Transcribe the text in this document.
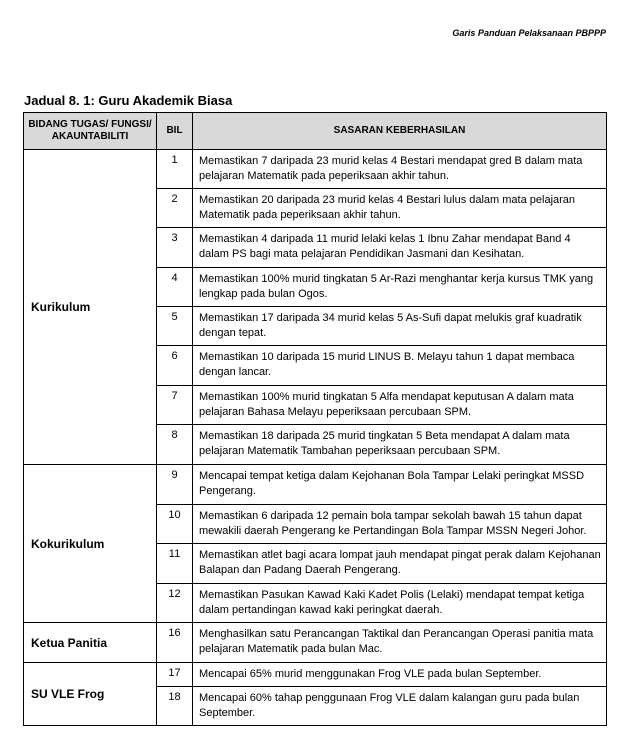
Garis Panduan Pelaksanaan PBPPP
Jadual 8. 1: Guru Akademik Biasa
BIDANG TUGAS/ FUNGSI/ AKAUNTABILITI	BIL	SASARAN KEBERHASILAN
Kurikulum	1	Memastikan 7 daripada 23 murid kelas 4 Bestari mendapat gred B dalam mata pelajaran Matematik pada peperiksaan akhir tahun.
	2	Memastikan 20 daripada 23 murid kelas 4 Bestari lulus dalam mata pelajaran Matematik pada peperiksaan akhir tahun.
	3	Memastikan 4 daripada 11 murid lelaki kelas 1 Ibnu Zahar mendapat Band 4 dalam PS bagi mata pelajaran Pendidikan Jasmani dan Kesihatan.
	4	Memastikan 100% murid tingkatan 5 Ar-Razi menghantar kerja kursus TMK yang lengkap pada bulan Ogos.
	5	Memastikan 17 daripada 34 murid kelas 5 As-Sufi dapat melukis graf kuadratik dengan tepat.
	6	Memastikan 10 daripada 15 murid LINUS B. Melayu tahun 1 dapat membaca dengan lancar.
	7	Memastikan 100% murid tingkatan 5 Alfa mendapat keputusan A dalam mata pelajaran Bahasa Melayu peperiksaan percubaan SPM.
	8	Memastikan 18 daripada 25 murid tingkatan 5 Beta mendapat A dalam mata pelajaran Matematik Tambahan peperiksaan percubaan SPM.
Kokurikulum	9	Mencapai tempat ketiga dalam Kejohanan Bola Tampar Lelaki peringkat MSSD Pengerang.
	10	Memastikan 6 daripada 12 pemain bola tampar sekolah bawah 15 tahun dapat mewakili daerah Pengerang ke Pertandingan Bola Tampar MSSN Negeri Johor.
	11	Memastikan atlet bagi acara lompat jauh mendapat pingat perak dalam Kejohanan Balapan dan Padang Daerah Pengerang.
	12	Memastikan Pasukan Kawad Kaki Kadet Polis (Lelaki) mendapat tempat ketiga dalam pertandingan kawad kaki peringkat daerah.
Ketua Panitia	16	Menghasilkan satu Perancangan Taktikal dan Perancangan Operasi panitia mata pelajaran Matematik pada bulan Mac.
SU VLE Frog	17	Mencapai 65% murid menggunakan Frog VLE pada bulan September.
	18	Mencapai 60% tahap penggunaan Frog VLE dalam kalangan guru pada bulan September.
